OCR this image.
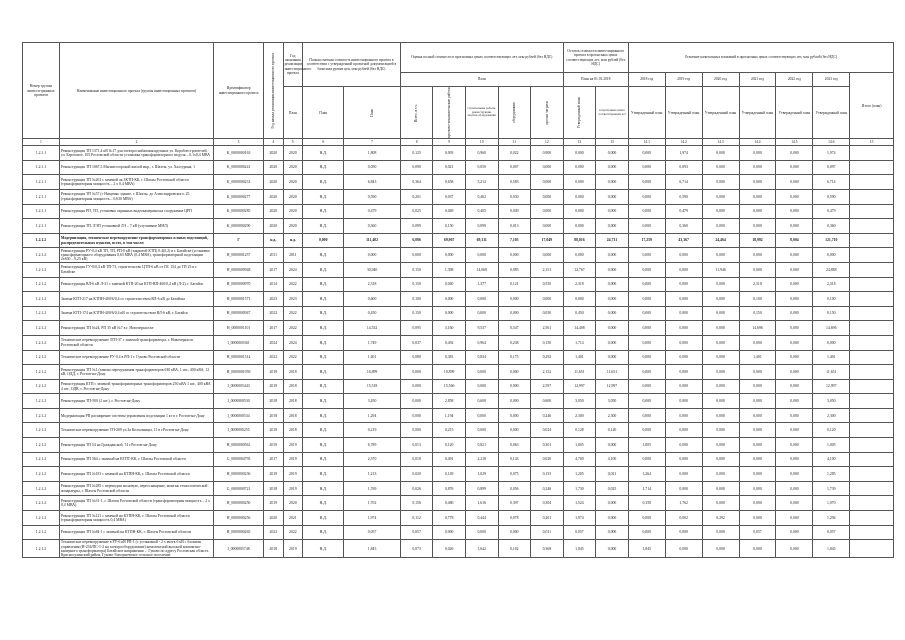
Номер группы инвести-ционных проектов	Наименование инвестиционного проекта (группы инвестиционных проектов)	Идентификатор инвестиционного проекта	Год начала реализации инвестиционного проекта	Год окончания реализации инвестиционного проекта	Полная сметная стоимость инвестиционного проекта в соответствии с утвержденной проектной документацией в базисном уровне цен, млн рублей (без НДС)		Оценка полной стоимости в прогнозных ценах соответствующих лет, млн рублей (без НДС)					Остаток стоимости инвестиционного проекта в прогнозных ценах соответствующих лет, млн рублей (без НДС)		Освоение капитальных вложений в прогнозных ценах соответствующих лет, млн рублей (без НДС)						
							План					План на 01.01.2018		2018 год	2019 год	2020 год	2021 год	2022 год	2023 год	Итого (план)
				План	План	План	Всего, в т.ч.	проектно-изыскательские работы	строительные работы, реконструкция, монтаж оборудования	оборудование	прочие затраты	Утвержденный план	в прогнозных ценах соответствующих лет	Утвержденный план	Утвержденный план	Утвержденный план	Утвержденный план	Утвержденный план	Утвержденный план	
1	2	3	4	5	6	7	8	9	10	11	12	13	13	14.1	14.2	14.3	14.4	14.5	14.6	15
1.2.1.1	Реконструкция ТП 1371,4 кВ №17 для электроснабжения крупных ул. Кораблестроителей, ул. Береговое, 105 Ростовской области установка трансформаторного модуля – 0,1x0,4 МВА	K_0000000163	2020	2020	Н.Д.	1,808	0,125	0,093	0,960	0,022	0,900	0,000	0,000	0,000	1,974	0,000	0,000	0,000	1,974	
1.2.1.1	Реконструкция ТП 1067,5 Магнитогорский жилой мкр., г. Шахты, ул. Халтурина, 1	K_0000000241	2020	2020	Н.Д.	0,050	0,090	0,021	0,050	0,007	0,000	0,000	0,000	0,000	0,093	0,000	0,000	0,000	0,097	
1.2.1.1	Реконструкция ТП №261 с заменой ак ЗКТП-КК, г. Шахты Ростовской области (трансформаторная мощность – 2 x 0,4 МВА)	K_0000000231	2020	2020	Н.Д.	6,843	0,364	0,658	5,212	0,583	0,000	0,000	0,000	0,000	6,714	0,000	0,000	0,000	6,714	
1.2.1.1	Реконструкция ТП №57 (с Нищенко здание, г. Шахты, до Александровского, 25 (трансформаторная мощность – 0,630 МВА)	K_0000000277	2020	2020	Н.Д.	0,590	0,201	0,037	0,462	0,030	0,000	0,000	0,000	0,000	0,590	0,000	0,000	0,000	0,590	
1.2.1.1	Реконструкция РП, ТП, установка охранных видеокамерами на сооружение ЦРП	K_0000000285	2020	2020	Н.Д.	0,479	0,025	0,049	0,405	0,049	0,000	0,000	0,000	0,000	0,479	0,000	0,000	0,000	0,479	
1.2.1.1	Реконструкция ТП, ЛЭП установкой ЛЭ – 7 кВ (улучшение МНЛ)	K_0000000290	2020	2020	Н.Д.	0,360	0,099	0,150	0,099	0,013	0,000	0,000	0,000	0,000	0,360	0,000	0,000	0,000	0,360	
1.2.1.2	Модернизация, техническое перевооружение трансформаторных и иных подстанций, распределительных пунктов, всего, в том числе:	Г	н.д.	н.д.	0,000	111,402	6,086	69,967	69,311	7,103	17,049	88,016	24,731	17,259	43,367	24,464	18,992	8,004	121,710	
1.2.1.2	Реконструкция РУ-0,4 кВ ТП, ТП, РП-0 кВ (закрытой КТП) 0,4(0,2) в г. Батайске (установка трансформаторного оборудования 0,63 МВА (0,4 МВА), трансформаторной подстанции 2х630 – 0,25 кВ)	H_0000001257	2011	2011	Н.Д.	0,000	0,000	0,000	0,000	0,000	0,000	0,000	0,000	0,000	0,000	0,000	0,000	0,000	0,000	
1.2.1.2	Реконструкция ГУ-0/0,4 кВ ТП-73, строительство ЦТП-6 кВ от ПС 154 до ТП 23 в г. Батайске	H_0000000948	2017	2024	Н.Д.	30,940	0,150	1,398	14,068	0,983	2,151	12,767	0,000	0,000	0,000	11,946	0,000	0,000	24,888	
1.2.1.2	Реконструкция ВЛ-6 кВ Л-31 с заменой КТП-20 на КТП-ВП-400/0,4 кВ (Л-2), г. Батайск	H_0000000970	2014	2022	Н.Д.	2,318	0,150	0,040	1,377	0,121	0,550	2,318	0,000	0,000	0,000	0,000	2,318	0,000	2,318	
1.2.1.2	Замена КТП-217 на КТПН-400/6/0,4 со строительством ВЛ-6 кВ до Батайска	H_0000001571	2023	2023	Н.Д.	0,600	0,100	0,000	0,000	0,000	0,000	0,000	0,000	0,000	0,000	0,000	0,100	0,000	0,100	
1.2.1.2	Замена КТП-174 на КТПН-400/6/0,4 кВ со строительством ВЛ-6 кВ, г. Батайск	H_0000000947	2022	2022	Н.Д.	0,450	0,150	0,000	0,000	0,000	0,050	0,450	0,000	0,000	0,000	0,000	0,150	0,000	0,150	
1.2.1.2	Реконструкция ТП №24, РП 35 кВ №7 в г. Новочеркасске	H_0000001101	2017	2022	Н.Д.	14,532	0,095	3,160	9,537	0,547	2,561	14,408	0,000	0,000	0,000	0,000	14,696	0,000	14,696	
1.2.1.2	Техническое перевооружение ЗТП-37 с заменой трансформатора, г. Новочеркасск Ростовской области	I_0000000361	2024	2024	Н.Д.	1,749	0,037	0,492	0,964	0,238	0,150	1,714	0,000	0,000	0,000	0,000	0,000	0,000	0,000	
1.2.1.2	Техническое перевооружение РУ-0,4 в РП-1 г. Гуково Ростовской области	H_0000001514	2022	2022	Н.Д.	1,401	0,080	0,381	0,834	0,175	0,292	1,401	0,000	0,000	0,000	0,000	1,401	0,000	1,401	
1.2.1.2	Реконструкция ТП №1 (замена перегружения трансформаторов 630 кВА, 1 шт., 400 кВА, 12 кВ, ОДД, г. Ростов-на-Дону	H_0000001059	2018	2018	Н.Д.	16,899	0,000	10,899	0,000	0,000	2,152	11,651	11,651	0,000	0,000	0,000	0,000	0,000	11,651	
1.2.1.2	Реконструкция КТП с заменой трансформаторных трансформаторов 250 кВА 1 шт., 400 кВА 4 шт., ОДВ, г. Ростов-на-Дону	I_0000005443	2018	2018	Н.Д.	15,518	0,000	15,566	0,000	0,000	2,597	12,997	12,997	0,000	0,000	0,000	0,000	0,000	12,997	
1.2.1.2	Реконструкция ТП-500 (2 шт.), г. Ростов-на-Дону	I_0000000530	2018	2018	Н.Д.	3,450	0,000	2,858	0,600	0,000	0,600	3,050	3,050	0,000	0,000	0,000	0,000	0,000	3,050	
1.2.1.2	Модернизация РП расширение системы управления подстанции 1 кт в г. Ростов-на-Дону	I_0000000534	2018	2018	Н.Д.	1,294	0,000	1,194	0,000	0,000	0,246	2,300	2,300	0,000	0,000	0,000	0,000	0,000	2,300	
1.2.1.2	Техническое перевооружение ТП-209 ул.За Колхозницы, 11 в г.Ростов-на-Дону	I_0000000255	2018	2018	Н.Д.	0,219	0,000	0,215	0,000	0,000	0,024	0,128	0,120	0,000	0,000	0,000	0,000	0,000	0,120	
1.2.1.2	Реконструкция ТП 54 на Гражданской, 74 г.Ростов-на-Дону	H_0000000561	2019	2019	Н.Д.	6,789	0,013	0,120	0,821	0,063	0,301	1,005	0,000	1,005	0,000	0,000	0,000	0,000	1,005	
1.2.1.2	Реконструкция ТП 564 с заменой на КТПТ-КК, г. Шахты Ростовской области	G_0000004793	2017	2019	Н.Д.	2,370	0,018	0,491	2,218	0,143	0,020	4,700	4,100	0,000	0,000	0,000	0,000	0,000	4,100	
1.2.1.2	Реконструкция ТП №181 с заменой на КТПН-КК, г. Шахты Ростовской области	H_0000000236	2018	2019	Н.Д.	1,213	0,020	0,149	1,029	0,075	0,153	1,205	0,021	1,264	0,000	0,000	0,000	0,000	1,285	
1.2.1.2	Реконструкция ТП №285 с переводом на новую, переоснащение, монтаж технологической аппаратуры, г. Шахты Ростовской области	G_0000000721	2018	2019	Н.Д.	1,769	0,026	0,876	0,899	0,056	0,246	1,730	0,025	1,714	0,000	0,000	0,000	0,000	1,739	
1.2.1.2	Реконструкция ТП №31-1, г. Шахты Ростовской области (трансформаторная мощность – 2 x 0,4 МВА)	H_0000000250	2019	2020	Н.Д.	1,702	0,156	0,480	1,616	0,397	0,304	1,524	0,000	0,158	1,762	0,000	0,000	0,000	1,070	
1.2.1.2	Реконструкция ТП №121 с заменой на КТПН-КК, г. Шахты Ростовской области (трансформаторная мощность 0,4 МВА)	H_0000000256	2020	2021	Н.Д.	1,974	0,112	0,778	0,444	0,078	0,201	1,974	0,000	0,000	0,002	0,292	0,000	0,000	1,294	
1.2.1.2	Реконструкция ТП №84-1 с заменой на КТПН-КК, г. Шахты Ростовской области	H_0000000265	2022	2022	Н.Д.	0,057	0,057	0,000	0,000	0,000	0,011	0,057	0,000	0,000	0,000	0,000	0,057	0,000	0,057	
1.2.1.2	Техническое перевооружение в РУ-6 кВ РП-1 (с установкой - 2 х ячеек 6 кВ с блоками управления (И-234/ПС-1-2 на электрооборудование) комплектной высокой компактно-камерного трансформатора) Батайское напряжения ... Гуково по адресу Ростовская область Красносулинский район, Гуково-Гнилушевское сельское поселение	I_0000005748	2018	2019	Н.Д.	1,845	0,073	0,026	1,642	0,102	0,369	1,845	0,000	1,845	0,000	0,000	0,000	0,000	1,845	
